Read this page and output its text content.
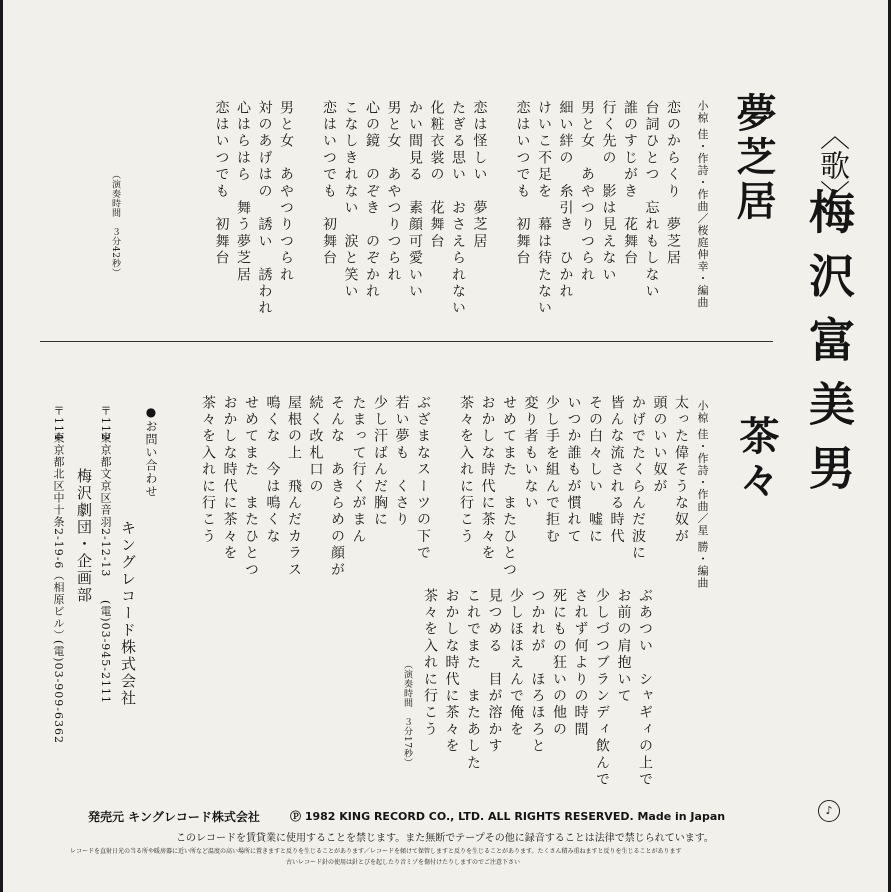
〈歌〉
梅沢富美男
夢芝居
小椋 佳・作詩・作曲／桜庭伸幸・編曲
恋のからくり　夢芝居
台詞ひとつ　忘れもしない
誰のすじがき　花舞台
行く先の　影は見えない
男と女　あやつりつられ
細い絆の　糸引き　ひかれ
けいこ不足を　幕は待たない
恋はいつでも　初舞台
恋は怪しい　夢芝居
たぎる思い　おさえられない
化粧衣裳の　花舞台
かい間見る　素顔可愛いい
男と女　あやつりつられ
心の鏡　のぞき　のぞかれ
こなしきれない　涙と笑い
恋はいつでも　初舞台
男と女　あやつりつられ
対のあげはの　誘い　誘われ
心はらはら　舞う夢芝居
恋はいつでも　初舞台
（演奏時間　３分42秒）
茶々
小椋 佳・作詩・作曲／星 勝・編曲
太った偉そうな奴が
頭のいい奴が
かげでたくらんだ波に
皆んな流される時代
その白々しい　嘘に
いつか誰もが慣れて
少し手を組んで拒む
変り者もいない
せめてまた　またひとつ
おかしな時代に茶々を
茶々を入れに行こう
ぶざまなスーツの下で
若い夢も　くさり
少し汗ばんだ胸に
たまって行くがまん
そんな　あきらめの顔が
続く改札口の
屋根の上　飛んだカラス
鳴くな　今は鳴くな
せめてまた　またひとつ
おかしな時代に茶々を
茶々を入れに行こう
ぶあつい　シャギィの上で
お前の肩抱いて
少しづつブランディ飲んで
されず何よりの時間
死にもの狂いの他の
つかれが　ほろほろと
少しほほえんで俺を
見つめる　目が溶かす
これでまた　またあした
おかしな時代に茶々を
茶々を入れに行こう
（演奏時間　３分17秒）
●お問い合わせ
キングレコード株式会社
〒112
東京都文京区音羽2-12-13
(電)03-945-2111
梅沢劇団・企画部
〒114
東京都北区中十条2-19-6（相原ビル）
(電)03-909-6362
発売元 キングレコード株式会社	Ⓟ 1982 KING RECORD CO., LTD. ALL RIGHTS RESERVED. Made in Japan	♪
このレコードを賃貸業に使用することを禁じます。また無断でテープその他に録音することは法律で禁じられています。
レコードを直射日光の当る所や暖房器に近い所など温度の高い場所に置きますと反りを生じることがあります／レコードを傾けて保管しますと反りを生じることがあります。たくさん積み重ねますと反りを生じることがあります
古いレコード針の使用は針とびを起したり音ミゾを傷付けたりしますのでご注意下さい
